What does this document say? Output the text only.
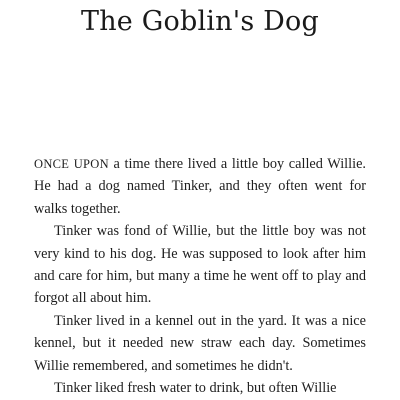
The Goblin's Dog

ONCE UPON a time there lived a little boy called Willie. He had a dog named Tinker, and they often went for walks together.

Tinker was fond of Willie, but the little boy was not very kind to his dog. He was supposed to look after him and care for him, but many a time he went off to play and forgot all about him.

Tinker lived in a kennel out in the yard. It was a nice kennel, but it needed new straw each day. Sometimes Willie remembered, and sometimes he didn't.

Tinker liked fresh water to drink, but often Willie
